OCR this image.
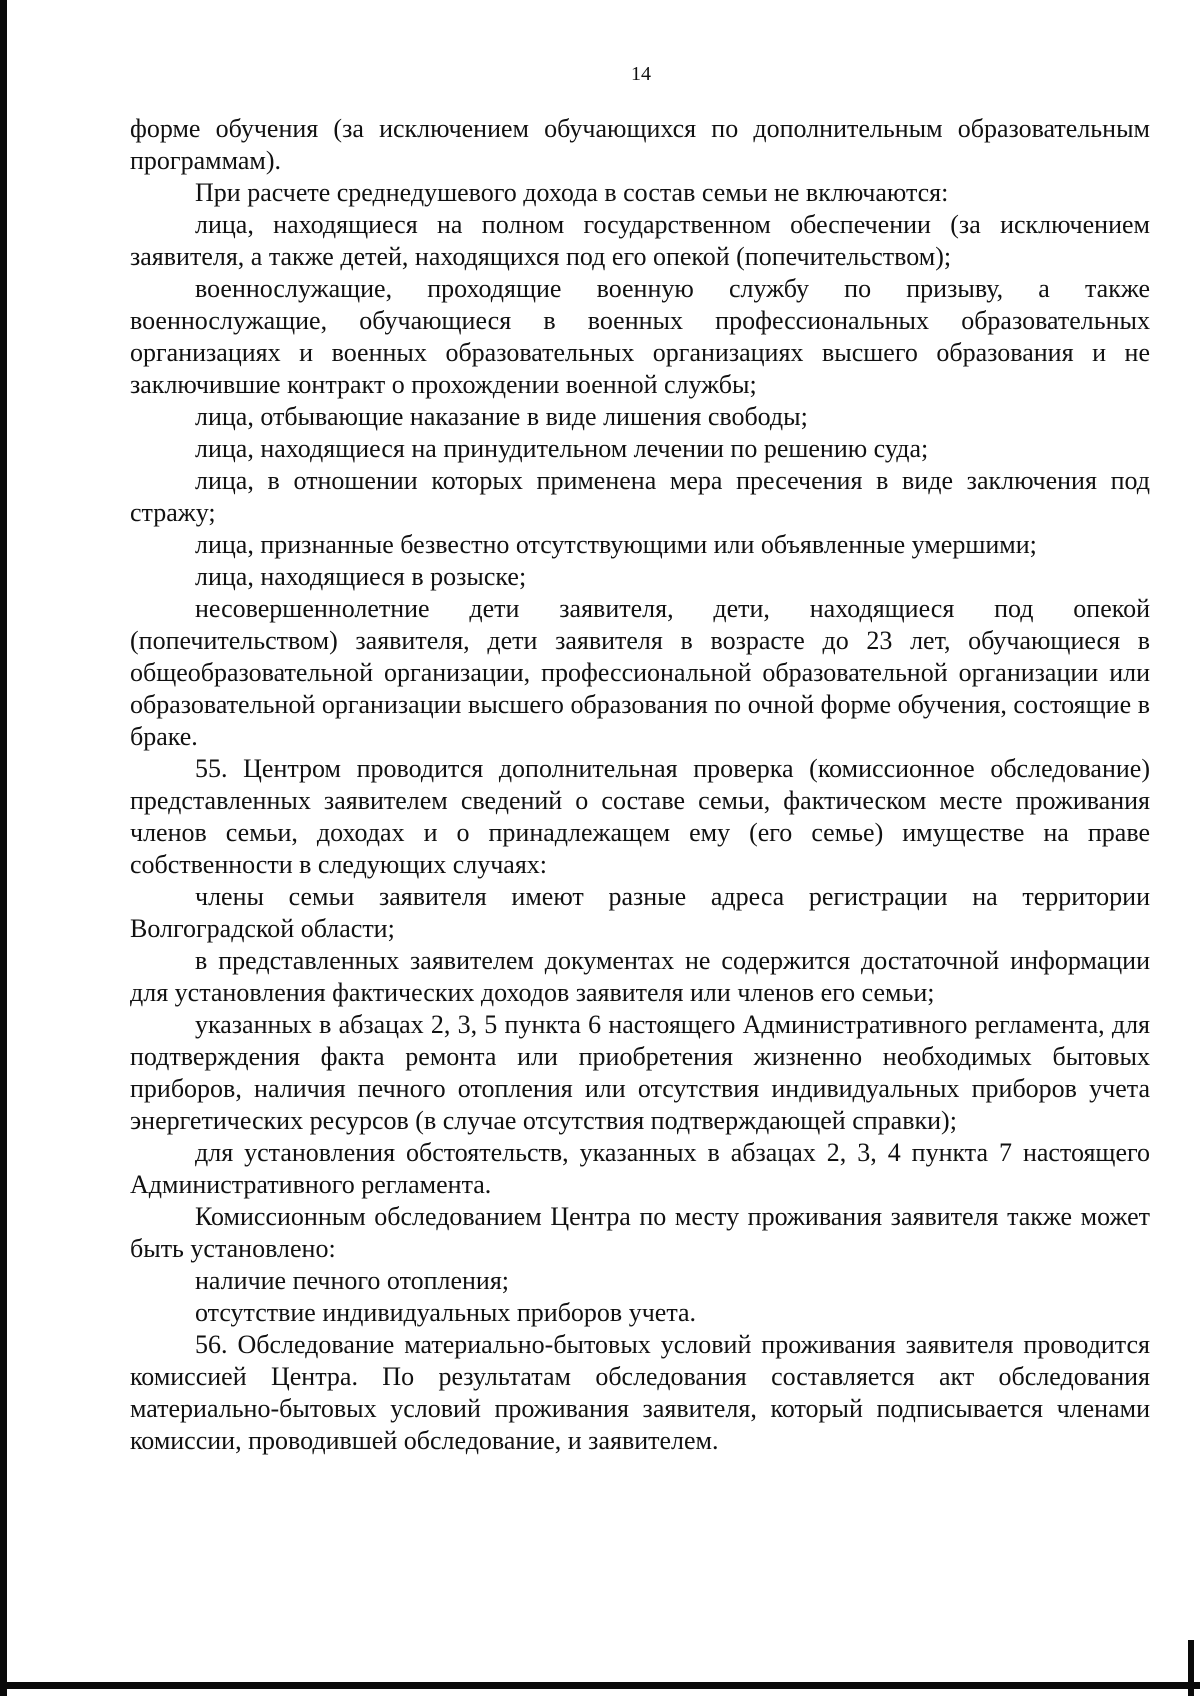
14

форме обучения (за исключением обучающихся по дополнительным образовательным программам).

При расчете среднедушевого дохода в состав семьи не включаются:

лица, находящиеся на полном государственном обеспечении (за исключением заявителя, а также детей, находящихся под его опекой (попечительством);

военнослужащие, проходящие военную службу по призыву, а также военнослужащие, обучающиеся в военных профессиональных образовательных организациях и военных образовательных организациях высшего образования и не заключившие контракт о прохождении военной службы;

лица, отбывающие наказание в виде лишения свободы;

лица, находящиеся на принудительном лечении по решению суда;

лица, в отношении которых применена мера пресечения в виде заключения под стражу;

лица, признанные безвестно отсутствующими или объявленные умершими;

лица, находящиеся в розыске;

несовершеннолетние дети заявителя, дети, находящиеся под опекой (попечительством) заявителя, дети заявителя в возрасте до 23 лет, обучающиеся в общеобразовательной организации, профессиональной образовательной организации или образовательной организации высшего образования по очной форме обучения, состоящие в браке.

55. Центром проводится дополнительная проверка (комиссионное обследование) представленных заявителем сведений о составе семьи, фактическом месте проживания членов семьи, доходах и о принадлежащем ему (его семье) имуществе на праве собственности в следующих случаях:

члены семьи заявителя имеют разные адреса регистрации на территории Волгоградской области;

в представленных заявителем документах не содержится достаточной информации для установления фактических доходов заявителя или членов его семьи;

указанных в абзацах 2, 3, 5 пункта 6 настоящего Административного регламента, для подтверждения факта ремонта или приобретения жизненно необходимых бытовых приборов, наличия печного отопления или отсутствия индивидуальных приборов учета энергетических ресурсов (в случае отсутствия подтверждающей справки);

для установления обстоятельств, указанных в абзацах 2, 3, 4 пункта 7 настоящего Административного регламента.

Комиссионным обследованием Центра по месту проживания заявителя также может быть установлено:

наличие печного отопления;

отсутствие индивидуальных приборов учета.

56. Обследование материально-бытовых условий проживания заявителя проводится комиссией Центра. По результатам обследования составляется акт обследования материально-бытовых условий проживания заявителя, который подписывается членами комиссии, проводившей обследование, и заявителем.
